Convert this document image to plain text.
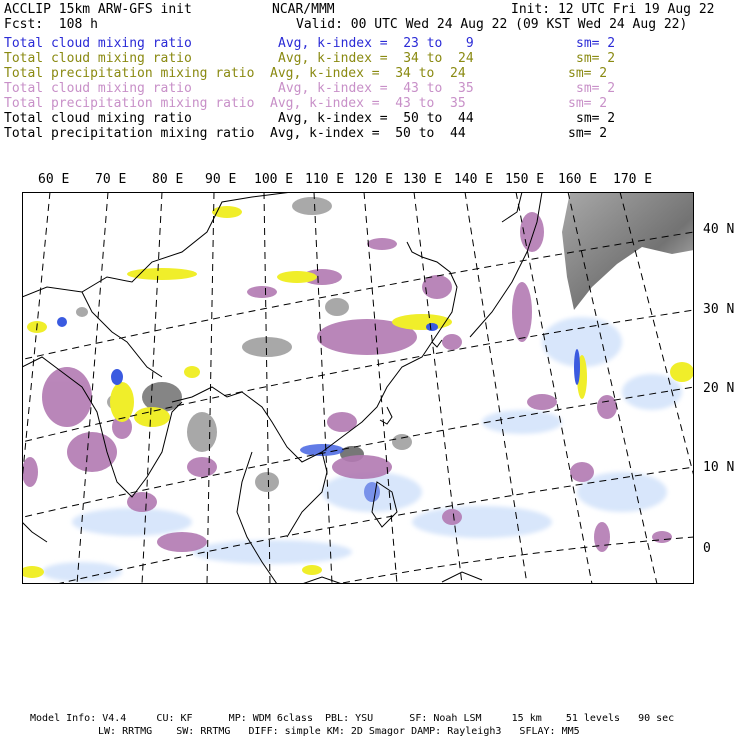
ACCLIP 15km ARW-GFS init	NCAR/MMM	Init: 12 UTC Fri 19 Aug 22
Fcst:  108 h	Valid: 00 UTC Wed 24 Aug 22 (09 KST Wed 24 Aug 22)
Total cloud mixing ratio	Avg, k-index =  23 to   9	sm= 2
Total cloud mixing ratio	Avg, k-index =  34 to  24	sm= 2
Total precipitation mixing ratio Avg, k-index =  34 to  24	sm= 2
Total cloud mixing ratio	Avg, k-index =  43 to  35	sm= 2
Total precipitation mixing ratio Avg, k-index =  43 to  35	sm= 2
Total cloud mixing ratio	Avg, k-index =  50 to  44	sm= 2
Total precipitation mixing ratio Avg, k-index =  50 to  44	sm= 2
60 E 70 E 80 E 90 E 100 E 110 E 120 E 130 E 140 E 150 E 160 E 170 E
40 N
30 N
20 N
10 N
0
Model Info: V4.4     CU: KF      MP: WDM 6class  PBL: YSU      SF: Noah LSM     15 km    51 levels   90 sec
LW: RRTMG    SW: RRTMG   DIFF: simple KM: 2D Smagor DAMP: Rayleigh3   SFLAY: MM5
